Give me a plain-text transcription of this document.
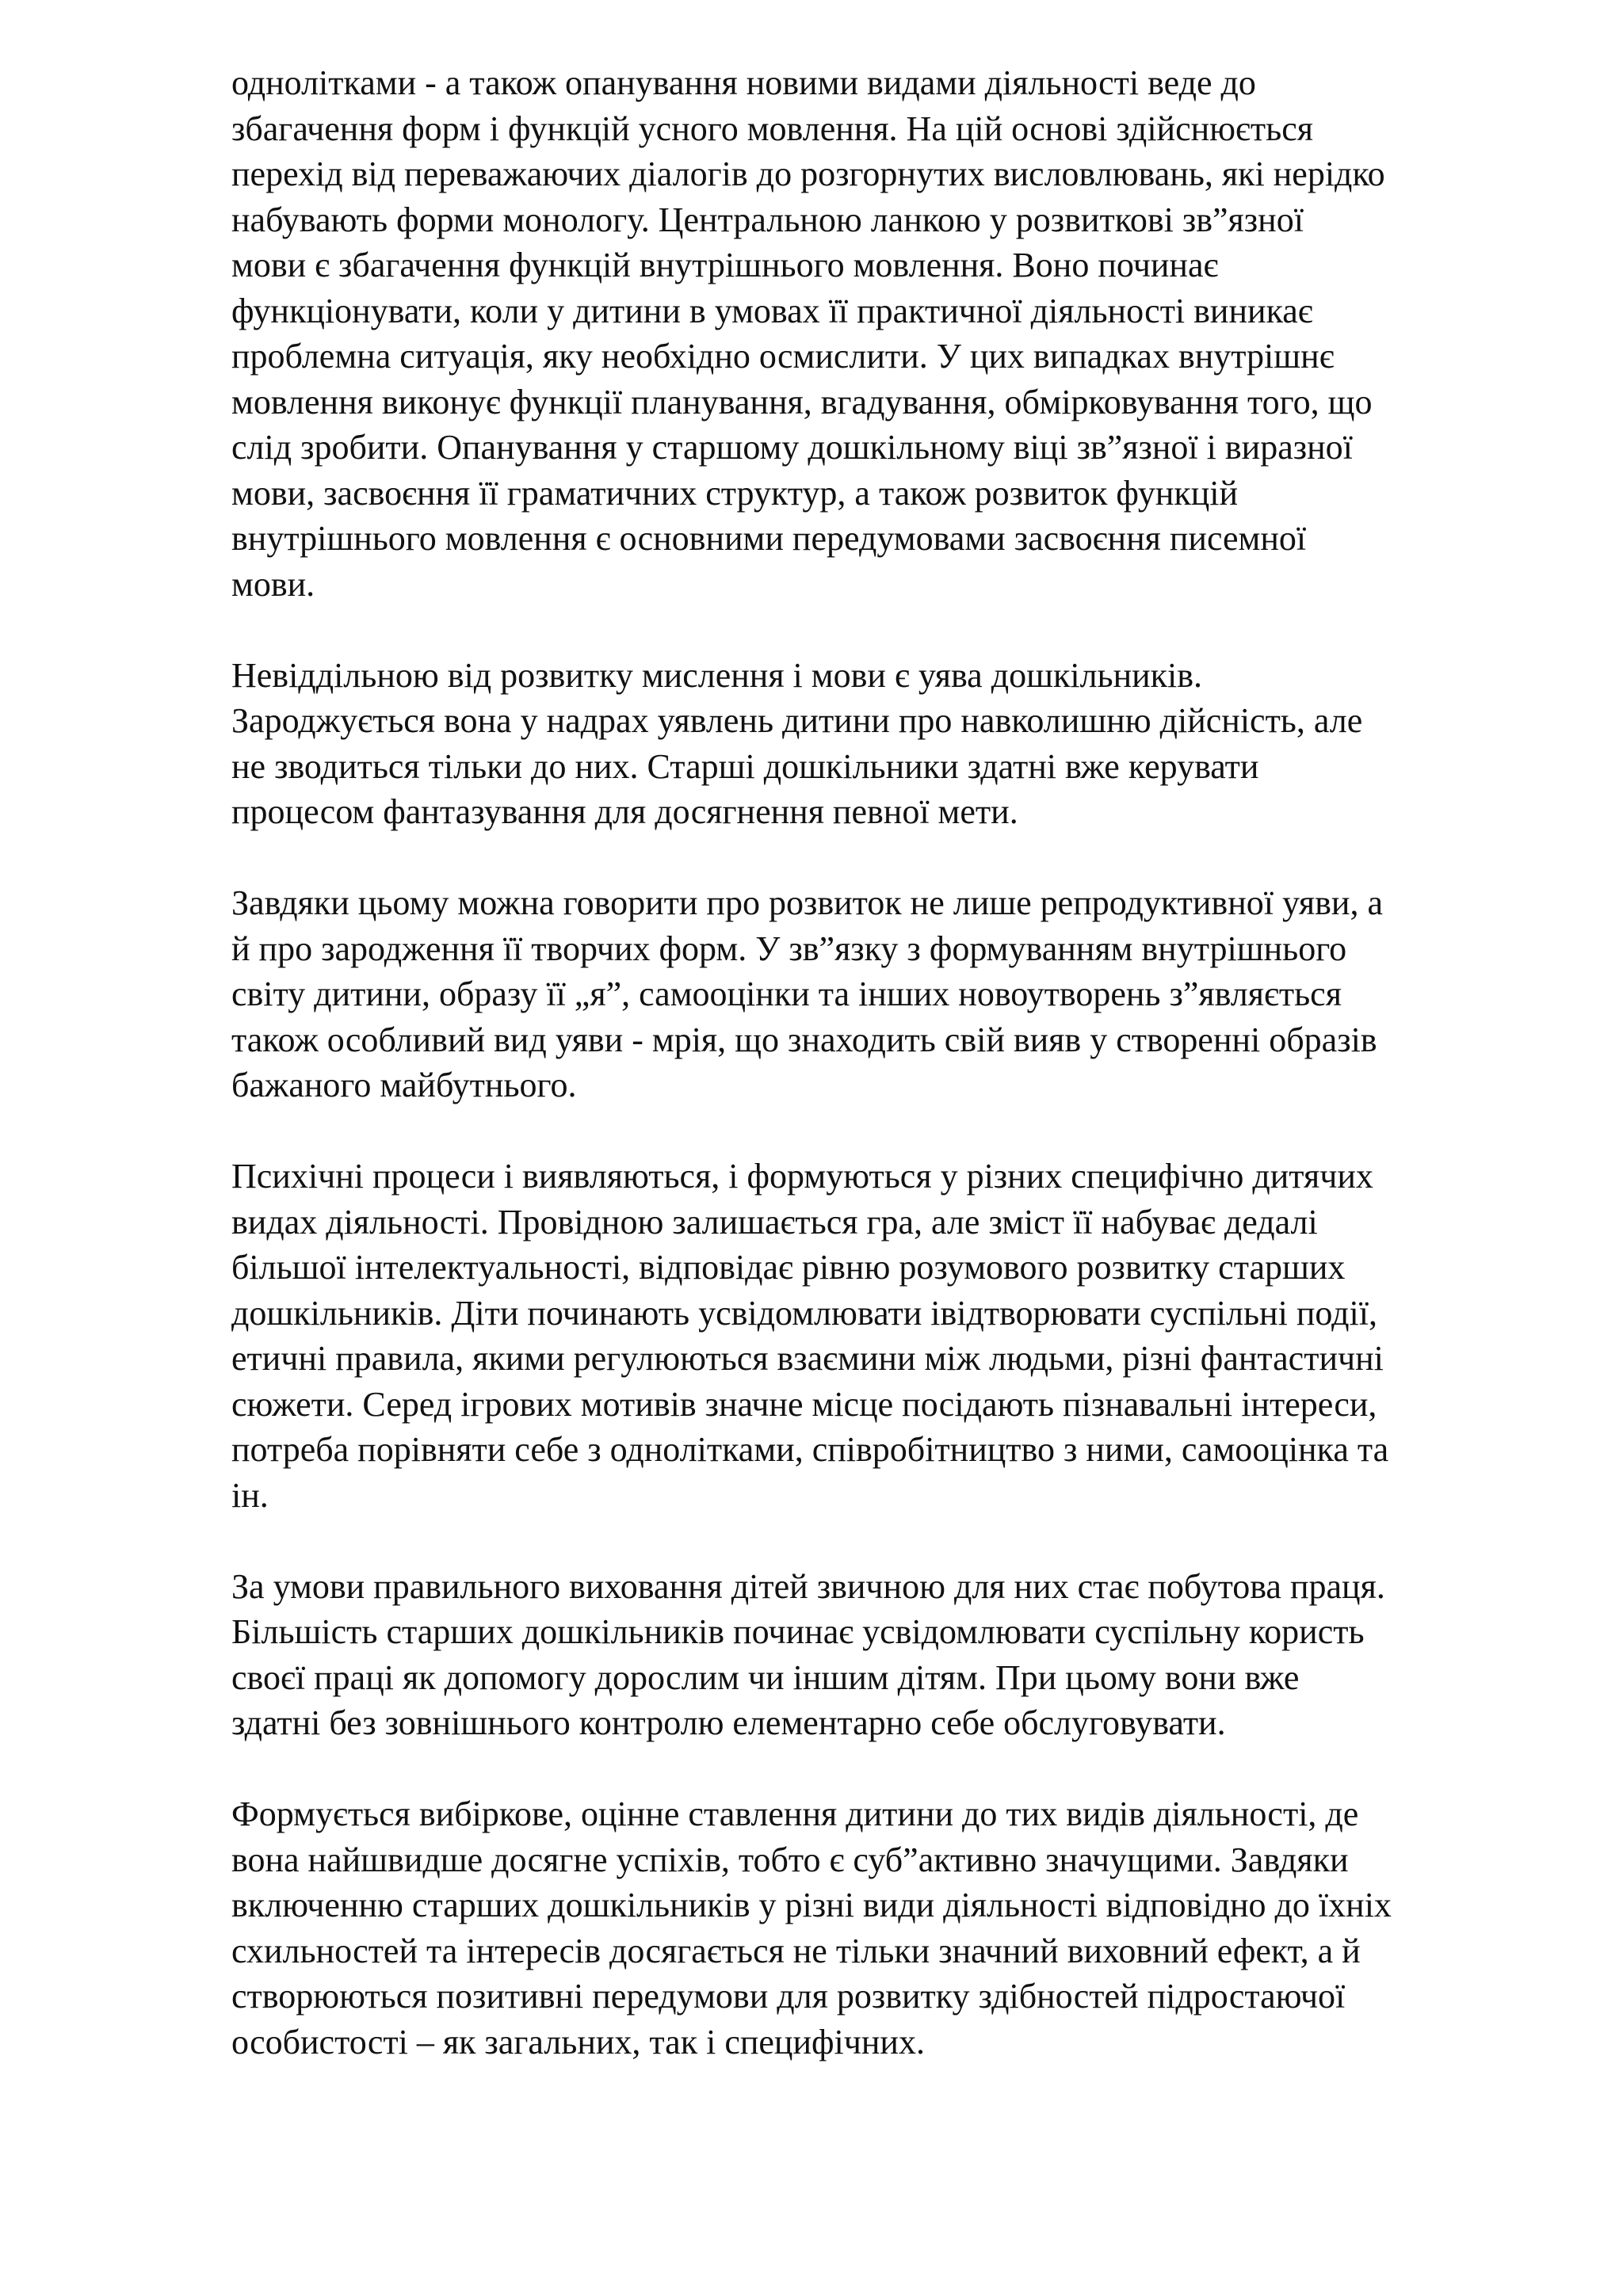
однолітками - а також опанування новими видами діяльності веде до
збагачення форм і функцій усного мовлення. На цій основі здійснюється
перехід від переважаючих діалогів до розгорнутих висловлювань, які нерідко
набувають форми монологу. Центральною ланкою у розвиткові зв”язної
мови є збагачення функцій внутрішнього мовлення. Воно починає
функціонувати, коли у дитини в умовах її практичної діяльності виникає
проблемна ситуація, яку необхідно осмислити. У цих випадках внутрішнє
мовлення виконує функції планування, вгадування, обмірковування того, що
слід зробити. Опанування у старшому дошкільному віці зв”язної і виразної
мови, засвоєння її граматичних структур, а також розвиток функцій
внутрішнього мовлення є основними передумовами засвоєння писемної
мови.
Невіддільною від розвитку мислення і мови є уява дошкільників.
Зароджується вона у надрах уявлень дитини про навколишню дійсність, але
не зводиться тільки до них. Старші дошкільники здатні вже керувати
процесом фантазування для досягнення певної мети.
Завдяки цьому можна говорити про розвиток не лише репродуктивної уяви, а
й про зародження її творчих форм. У зв”язку з формуванням внутрішнього
світу дитини, образу її „я”, самооцінки та інших новоутворень з”являється
також особливий вид уяви - мрія, що знаходить свій вияв у створенні образів
бажаного майбутнього.
Психічні процеси і виявляються, і формуються у різних специфічно дитячих
видах діяльності. Провідною залишається гра, але зміст її набуває дедалі
більшої інтелектуальності, відповідає рівню розумового розвитку старших
дошкільників. Діти починають усвідомлювати івідтворювати суспільні події,
етичні правила, якими регулюються взаємини між людьми, різні фантастичні
сюжети. Серед ігрових мотивів значне місце посідають пізнавальні інтереси,
потреба порівняти себе з однолітками, співробітництво з ними, самооцінка та
ін.
За умови правильного виховання дітей звичною для них стає побутова праця.
Більшість старших дошкільників починає усвідомлювати суспільну користь
своєї праці як допомогу дорослим чи іншим дітям. При цьому вони вже
здатні без зовнішнього контролю елементарно себе обслуговувати.
Формується вибіркове, оцінне ставлення дитини до тих видів діяльності, де
вона найшвидше досягне успіхів, тобто є суб”активно значущими. Завдяки
включенню старших дошкільників у різні види діяльності відповідно до їхніх
схильностей та інтересів досягається не тільки значний виховний ефект, а й
створюються позитивні передумови для розвитку здібностей підростаючої
особистості – як загальних, так і специфічних.
